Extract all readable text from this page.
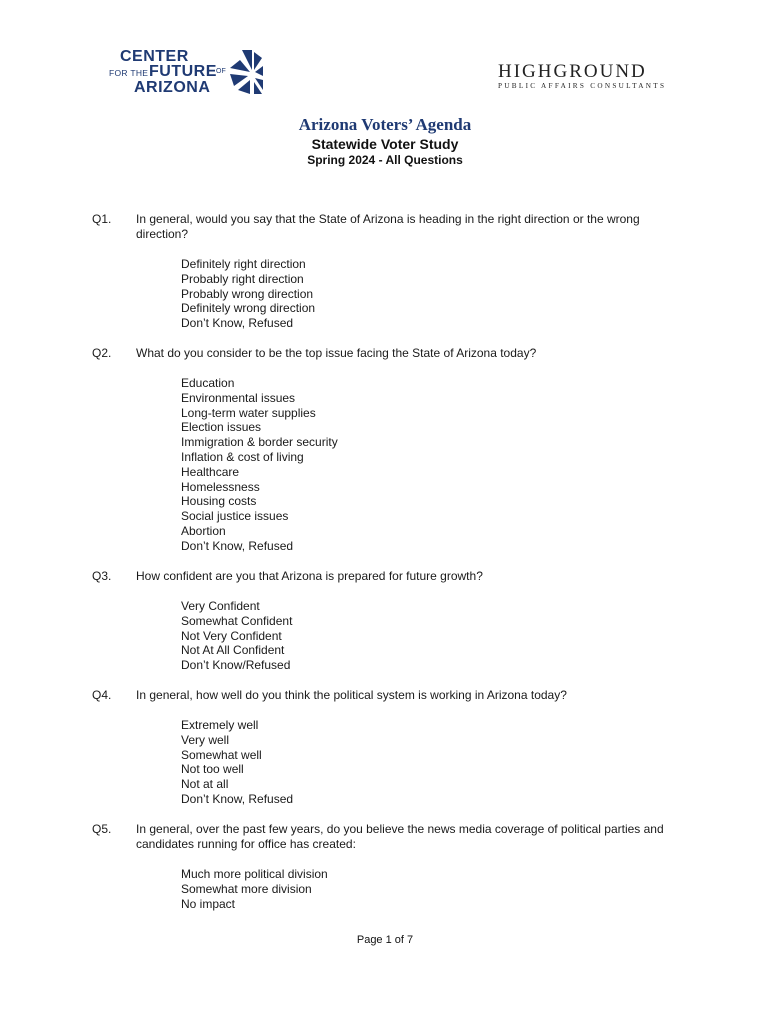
CENTER
FOR THE FUTURE OF
ARIZONA
HIGHGROUND
PUBLIC AFFAIRS CONSULTANTS
Arizona Voters’ Agenda
Statewide Voter Study
Spring 2024 - All Questions
Q1. In general, would you say that the State of Arizona is heading in the right direction or the wrong direction?
Definitely right direction
Probably right direction
Probably wrong direction
Definitely wrong direction
Don’t Know, Refused
Q2. What do you consider to be the top issue facing the State of Arizona today?
Education
Environmental issues
Long-term water supplies
Election issues
Immigration & border security
Inflation & cost of living
Healthcare
Homelessness
Housing costs
Social justice issues
Abortion
Don’t Know, Refused
Q3. How confident are you that Arizona is prepared for future growth?
Very Confident
Somewhat Confident
Not Very Confident
Not At All Confident
Don’t Know/Refused
Q4. In general, how well do you think the political system is working in Arizona today?
Extremely well
Very well
Somewhat well
Not too well
Not at all
Don’t Know, Refused
Q5. In general, over the past few years, do you believe the news media coverage of political parties and candidates running for office has created:
Much more political division
Somewhat more division
No impact
Page 1 of 7
